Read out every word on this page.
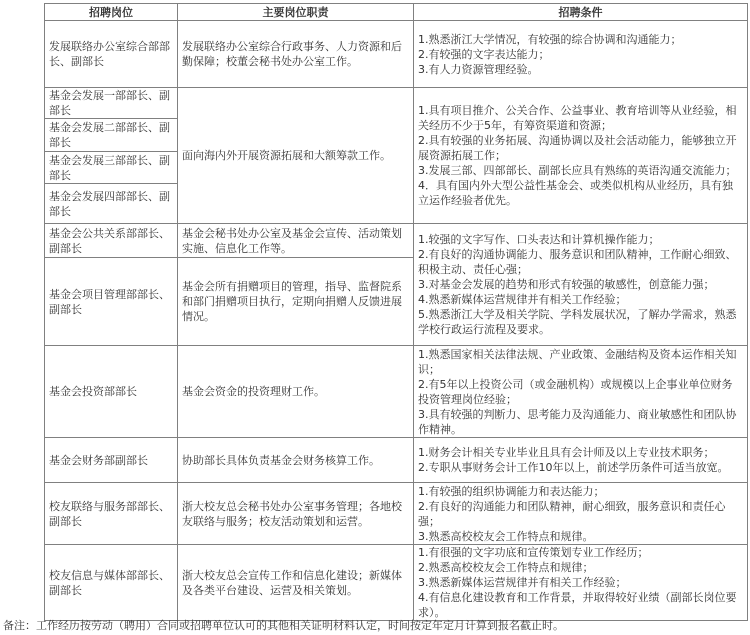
招聘岗位	主要岗位职责	招聘条件
发展联络办公室综合部部长、副部长	发展联络办公室综合行政事务、人力资源和后勤保障；校董会秘书处办公室工作。	1.熟悉浙江大学情况，有较强的综合协调和沟通能力；
2.有较强的文字表达能力；
3.有人力资源管理经验。

基金会发展一部部长、副部长	面向海内外开展资源拓展和大额筹款工作。	1.具有项目推介、公关合作、公益事业、教育培训等从业经验，相关经历不少于5年，有筹资渠道和资源；
2.具有较强的业务拓展、沟通协调以及社会活动能力，能够独立开展资源拓展工作；
3.发展三部、四部部长、副部长应具有熟练的英语沟通交流能力；
4．具有国内外大型公益性基金会、或类似机构从业经历，具有独立运作经验者优先。

基金会发展二部部长、副部长		
基金会发展三部部长、副部长		
基金会发展四部部长、副部长		
基金会公共关系部部长、副部长	基金会秘书处办公室及基金会宣传、活动策划实施、信息化工作等。	1.较强的文字写作、口头表达和计算机操作能力；
2.有良好的沟通协调能力、服务意识和团队精神，工作耐心细致、积极主动、责任心强；
3.对基金会发展的趋势和形式有较强的敏感性，创意能力强；
4.熟悉新媒体运营规律并有相关工作经验；
5.熟悉浙江大学及相关学院、学科发展状况，了解办学需求，熟悉学校行政运行流程及要求。

基金会项目管理部部长、副部长	基金会所有捐赠项目的管理，指导、监督院系和部门捐赠项目执行，定期向捐赠人反馈进展情况。	
基金会投资部部长	基金会资金的投资理财工作。	1.熟悉国家相关法律法规、产业政策、金融结构及资本运作相关知识；
2.有5年以上投资公司（或金融机构）或规模以上企事业单位财务投资管理岗位经验；
3.具有较强的判断力、思考能力及沟通能力、商业敏感性和团队协作精神。

基金会财务部副部长	协助部长具体负责基金会财务核算工作。	1.财务会计相关专业毕业且具有会计师及以上专业技术职务；
2.专职从事财务会计工作10年以上，前述学历条件可适当放宽。

校友联络与服务部部长、副部长	浙大校友总会秘书处办公室事务管理；各地校友联络与服务；校友活动策划和运营。	1.有较强的组织协调能力和表达能力；
2.有良好的沟通能力和团队精神，耐心细致，服务意识和责任心强；
3.熟悉高校校友会工作特点和规律。

校友信息与媒体部部长、副部长	浙大校友总会宣传工作和信息化建设；新媒体及各类平台建设、运营及相关策划。	1.有很强的文字功底和宣传策划专业工作经历；
2.熟悉高校校友会工作特点和规律；
3.熟悉新媒体运营规律并有相关工作经验；
4.有信息化建设教育和工作背景，并取得较好业绩（副部长岗位要求）。
备注：工作经历按劳动（聘用）合同或招聘单位认可的其他相关证明材料认定，时间按定年定月计算到报名截止时。
